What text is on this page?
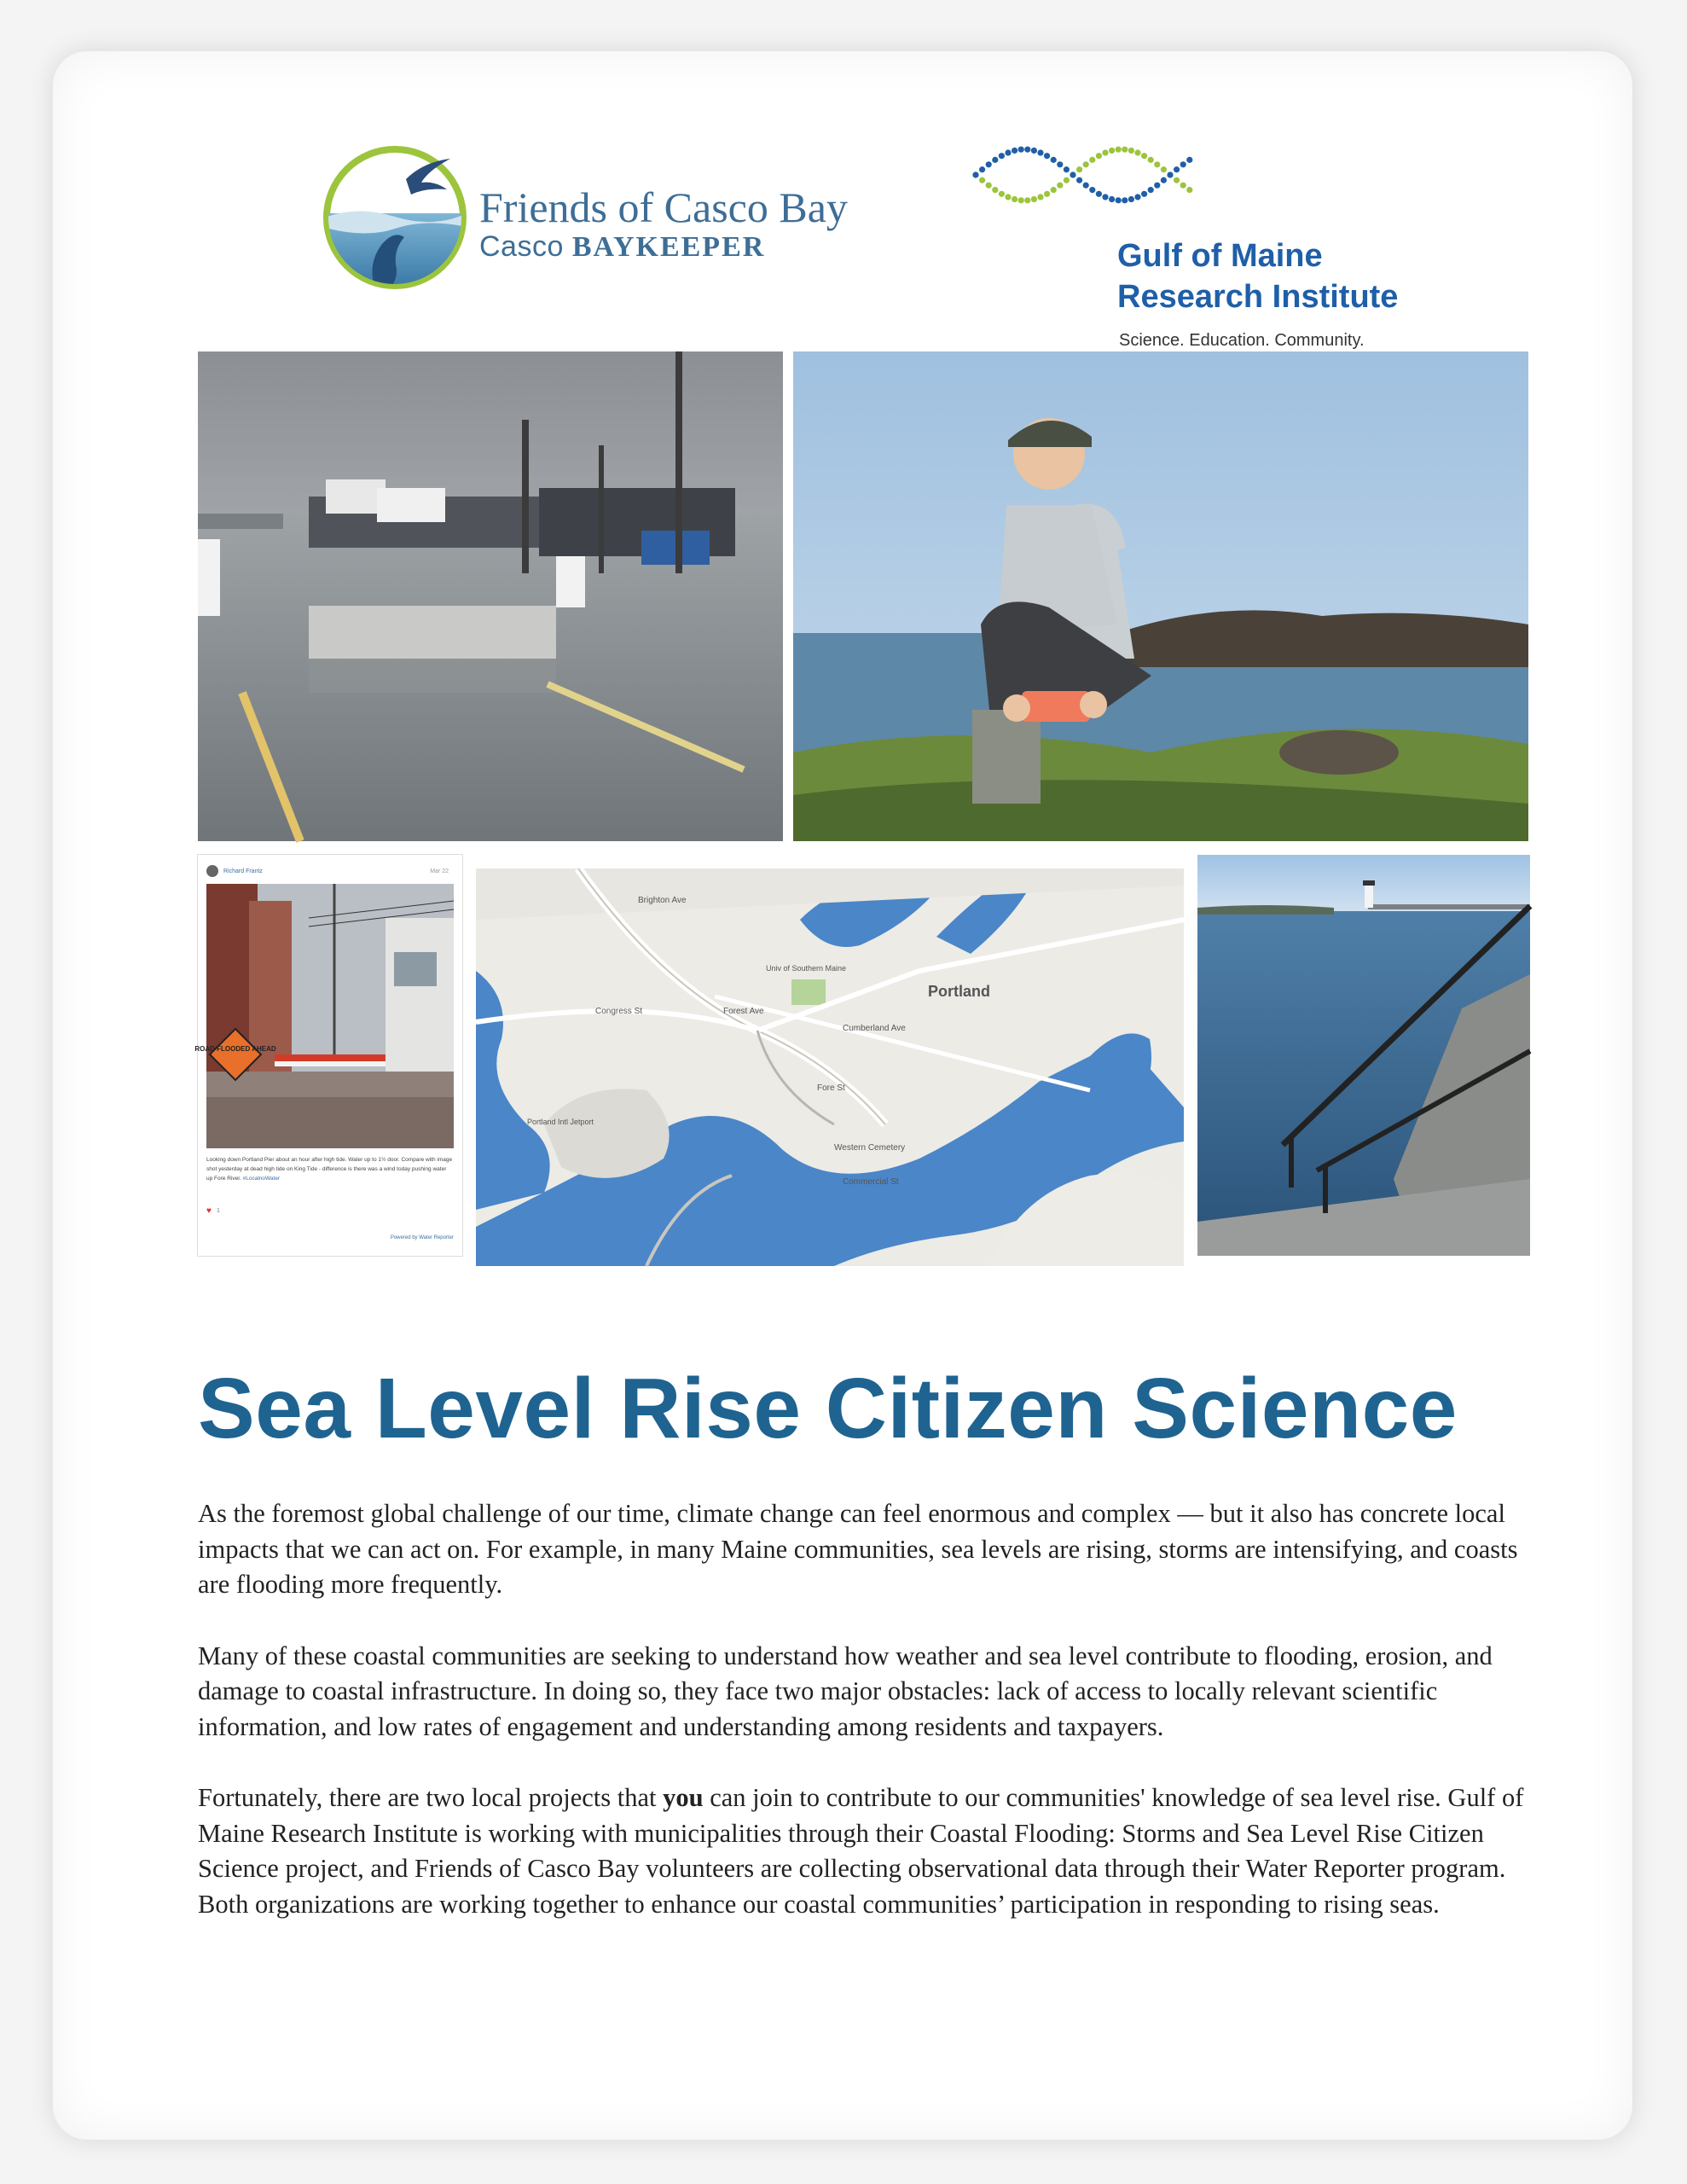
Friends of Casco Bay
Casco BAYKEEPER	Gulf of Maine
Research Institute
Science. Education. Community.
Richard Frantz	Mar 22
ROAD FLOODED AHEAD
Looking down Portland Pier about an hour after high tide. Water up to 1½ door. Compare with image shot yesterday at dead high tide on King Tide - difference is there was a wind today pushing water up Fore River. #LocalnoWater
♥ 1
Powered by Water Reporter
Portland
Commercial St
Congress St	Forest Ave
Cumberland Ave
Fore St
Brighton Ave
Western Cemetery
Portland Intl Jetport
Univ of Southern Maine
Sea Level Rise Citizen Science

As the foremost global challenge of our time, climate change can feel enormous and complex — but it also has concrete local impacts that we can act on. For example, in many Maine communities, sea levels are rising, storms are intensifying, and coasts are flooding more frequently.

Many of these coastal communities are seeking to understand how weather and sea level contribute to flooding, erosion, and damage to coastal infrastructure. In doing so, they face two major obstacles: lack of access to locally relevant scientific information, and low rates of engagement and understanding among residents and taxpayers.

Fortunately, there are two local projects that you can join to contribute to our communities' knowledge of sea level rise. Gulf of Maine Research Institute is working with municipalities through their Coastal Flooding: Storms and Sea Level Rise Citizen Science project, and Friends of Casco Bay volunteers are collecting observational data through their Water Reporter program. Both organizations are working together to enhance our coastal communities’ participation in responding to rising seas.
